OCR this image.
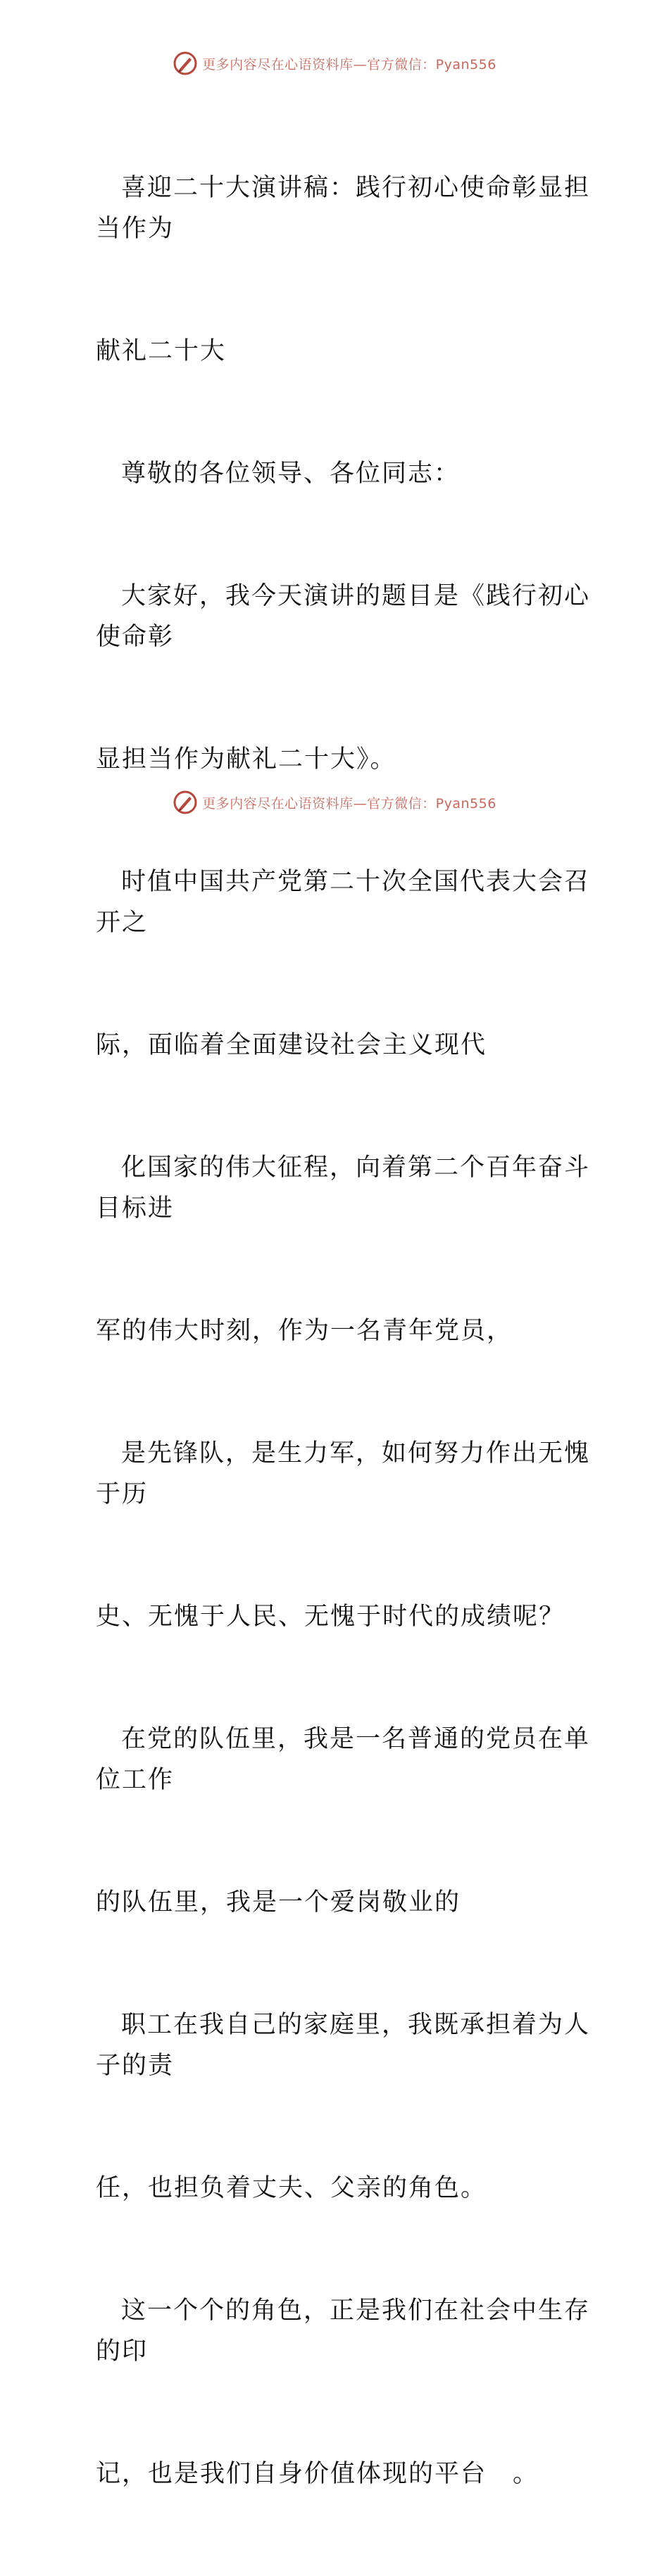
更多内容尽在心语资料库—官方微信：Pyan556

喜迎二十大演讲稿：践行初心使命彰显担当作为

献礼二十大

尊敬的各位领导、各位同志：

大家好，我今天演讲的题目是《践行初心使命彰

显担当作为献礼二十大》。

时值中国共产党第二十次全国代表大会召开之

际，面临着全面建设社会主义现代

化国家的伟大征程，向着第二个百年奋斗目标进

军的伟大时刻，作为一名青年党员，

是先锋队，是生力军，如何努力作出无愧于历

史、无愧于人民、无愧于时代的成绩呢？

在党的队伍里，我是一名普通的党员在单位工作

的队伍里，我是一个爱岗敬业的

职工在我自己的家庭里，我既承担着为人子的责

任，也担负着丈夫、父亲的角色。

这一个个的角色，正是我们在社会中生存的印

记，也是我们自身价值体现的平台　。

更多内容尽在心语资料库—官方微信：Pyan556
